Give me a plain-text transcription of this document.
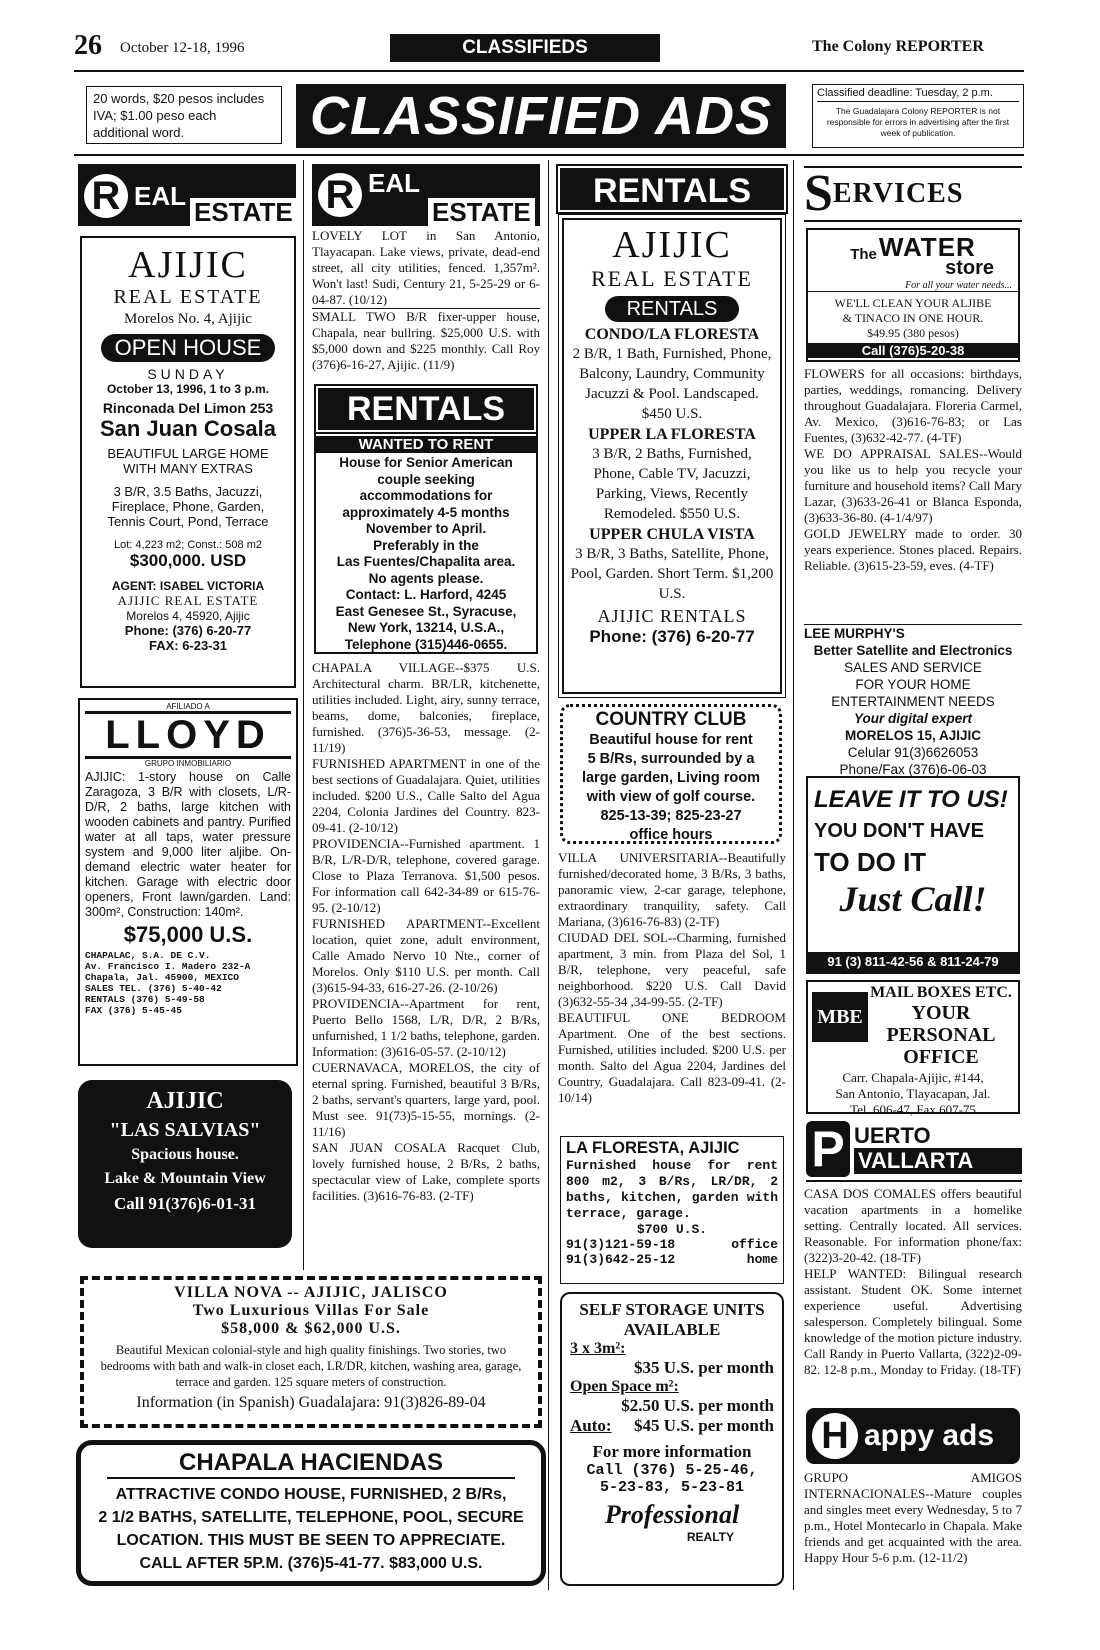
26 October 12-18, 1996	CLASSIFIEDS	The Colony REPORTER
20 words, $20 pesos includes IVA; $1.00 peso each additional word.	CLASSIFIED ADS	Classified deadline: Tuesday, 2 p.m.
The Guadalajara Colony REPORTER is not responsible for errors in advertising after the first week of publication.
R EAL
ESTATE
AJIJIC
REAL ESTATE
Morelos No. 4, Ajijic
OPEN HOUSE
SUNDAY
October 13, 1996, 1 to 3 p.m.
Rinconada Del Limon 253
San Juan Cosala
BEAUTIFUL LARGE HOME
WITH MANY EXTRAS
3 B/R, 3.5 Baths, Jacuzzi,
Fireplace, Phone, Garden,
Tennis Court, Pond, Terrace
Lot: 4,223 m2; Const.: 508 m2
$300,000. USD
AGENT: ISABEL VICTORIA
AJIJIC REAL ESTATE
Morelos 4, 45920, Ajijic
Phone: (376) 6-20-77
FAX: 6-23-31
AFILIADO A
LLOYD
GRUPO INMOBILIARIO
AJIJIC: 1-story house on Calle Zaragoza, 3 B/R with closets, L/R-D/R, 2 baths, large kitchen with wooden cabinets and pantry. Purified water at all taps, water pressure system and 9,000 liter aljibe. On-demand electric water heater for kitchen. Garage with electric door openers, Front lawn/garden. Land: 300m², Construction: 140m².
$75,000 U.S.
CHAPALAC, S.A. DE C.V.
Av. Francisco I. Madero 232-A
Chapala, Jal. 45900, MEXICO
SALES TEL. (376) 5-40-42
RENTALS (376) 5-49-58
FAX (376) 5-45-45
AJIJIC
"LAS SALVIAS"
Spacious house.
Lake & Mountain View
Call 91(376)6-01-31
R EAL
ESTATE

LOVELY LOT in San Antonio, Tlayacapan. Lake views, private, dead-end street, all city utilities, fenced. 1,357m². Won't last! Sudi, Century 21, 5-25-29 or 6-04-87. (10/12)

SMALL TWO B/R fixer-upper house, Chapala, near bullring. $25,000 U.S. with $5,000 down and $225 monthly. Call Roy (376)6-16-27, Ajijic. (11/9)

RENTALS
WANTED TO RENT
House for Senior American
couple seeking
accommodations for
approximately 4-5 months
November to April.
Preferably in the
Las Fuentes/Chapalita area.
No agents please.
Contact: L. Harford, 4245
East Genesee St., Syracuse,
New York, 13214, U.S.A.,
Telephone (315)446-0655.

CHAPALA VILLAGE--$375 U.S. Architectural charm. BR/LR, kitchenette, utilities included. Light, airy, sunny terrace, beams, dome, balconies, fireplace, furnished. (376)5-36-53, message. (2-11/19)

FURNISHED APARTMENT in one of the best sections of Guadalajara. Quiet, utilities included. $200 U.S., Calle Salto del Agua 2204, Colonia Jardines del Country. 823-09-41. (2-10/12)

PROVIDENCIA--Furnished apartment. 1 B/R, L/R-D/R, telephone, covered garage. Close to Plaza Terranova. $1,500 pesos. For information call 642-34-89 or 615-76-95. (2-10/12)

FURNISHED APARTMENT--Excellent location, quiet zone, adult environment, Calle Amado Nervo 10 Nte., corner of Morelos. Only $110 U.S. per month. Call (3)615-94-33, 616-27-26. (2-10/26)

PROVIDENCIA--Apartment for rent, Puerto Bello 1568, L/R, D/R, 2 B/Rs, unfurnished, 1 1/2 baths, telephone, garden. Information: (3)616-05-57. (2-10/12)

CUERNAVACA, MORELOS, the city of eternal spring. Furnished, beautiful 3 B/Rs, 2 baths, servant's quarters, large yard, pool. Must see. 91(73)5-15-55, mornings. (2-11/16)

SAN JUAN COSALA Racquet Club, lovely furnished house, 2 B/Rs, 2 baths, spectacular view of Lake, complete sports facilities. (3)616-76-83. (2-TF)

RENTALS
AJIJIC
REAL ESTATE
RENTALS
CONDO/LA FLORESTA
2 B/R, 1 Bath, Furnished, Phone, Balcony, Laundry, Community Jacuzzi & Pool. Landscaped. $450 U.S.
UPPER LA FLORESTA
3 B/R, 2 Baths, Furnished, Phone, Cable TV, Jacuzzi, Parking, Views, Recently Remodeled. $550 U.S.
UPPER CHULA VISTA
3 B/R, 3 Baths, Satellite, Phone, Pool, Garden. Short Term. $1,200 U.S.
AJIJIC RENTALS
Phone: (376) 6-20-77
COUNTRY CLUB
Beautiful house for rent
5 B/Rs, surrounded by a
large garden, Living room
with view of golf course.
825-13-39; 825-23-27
office hours

VILLA UNIVERSITARIA--Beautifully furnished/decorated home, 3 B/Rs, 3 baths, panoramic view, 2-car garage, telephone, extraordinary tranquility, safety. Call Mariana, (3)616-76-83) (2-TF)

CIUDAD DEL SOL--Charming, furnished apartment, 3 min. from Plaza del Sol, 1 B/R, telephone, very peaceful, safe neighborhood. $220 U.S. Call David (3)632-55-34 ,34-99-55. (2-TF)

BEAUTIFUL ONE BEDROOM Apartment. One of the best sections. Furnished, utilities included. $200 U.S. per month. Salto del Agua 2204, Jardines del Country, Guadalajara. Call 823-09-41. (2-10/14)

LA FLORESTA, AJIJIC
Furnished house for rent 800 m2, 3 B/Rs, LR/DR, 2 baths, kitchen, garden with terrace, garage.
$700 U.S.
91(3)121-59-18	office
91(3)642-25-12	home
SELF STORAGE UNITS
AVAILABLE
3 x 3m²:
$35 U.S. per month
Open Space m²:
$2.50 U.S. per month
Auto: $45 U.S. per month
For more information
Call (376) 5-25-46,
5-23-83, 5-23-81
Professional
REALTY
S ERVICES
The WATER
store
For all your water needs...
WE'LL CLEAN YOUR ALJIBE
& TINACO IN ONE HOUR.
$49.95 (380 pesos)
Call (376)5-20-38

FLOWERS for all occasions: birthdays, parties, weddings, romancing. Delivery throughout Guadalajara. Floreria Carmel, Av. Mexico, (3)616-76-83; or Las Fuentes, (3)632-42-77. (4-TF)

WE DO APPRAISAL SALES--Would you like us to help you recycle your furniture and household items? Call Mary Lazar, (3)633-26-41 or Blanca Esponda, (3)633-36-80. (4-1/4/97)

GOLD JEWELRY made to order. 30 years experience. Stones placed. Repairs. Reliable. (3)615-23-59, eves. (4-TF)

LEE MURPHY'S
Better Satellite and Electronics
SALES AND SERVICE
FOR YOUR HOME
ENTERTAINMENT NEEDS
Your digital expert
MORELOS 15, AJIJIC
Celular 91(3)6626053
Phone/Fax (376)6-06-03
LEAVE IT TO US!
YOU DON'T HAVE
TO DO IT
Just Call!
91 (3) 811-42-56 & 811-24-79
MBE
MAIL BOXES ETC.
YOUR
PERSONAL
OFFICE
Carr. Chapala-Ajijic, #144,
San Antonio, Tlayacapan, Jal.
Tel. 606-47, Fax 607-75
P UERTO
VALLARTA

CASA DOS COMALES offers beautiful vacation apartments in a homelike setting. Centrally located. All services. Reasonable. For information phone/fax: (322)3-20-42. (18-TF)

HELP WANTED: Bilingual research assistant. Student OK. Some internet experience useful. Advertising salesperson. Completely bilingual. Some knowledge of the motion picture industry. Call Randy in Puerto Vallarta, (322)2-09-82. 12-8 p.m., Monday to Friday. (18-TF)

H appy ads

GRUPO AMIGOS INTERNACIONALES--Mature couples and singles meet every Wednesday, 5 to 7 p.m., Hotel Montecarlo in Chapala. Make friends and get acquainted with the area. Happy Hour 5-6 p.m. (12-11/2)

VILLA NOVA -- AJIJIC, JALISCO
Two Luxurious Villas For Sale
$58,000 & $62,000 U.S.
Beautiful Mexican colonial-style and high quality finishings. Two stories, two bedrooms with bath and walk-in closet each, LR/DR, kitchen, washing area, garage, terrace and garden. 125 square meters of construction.
Information (in Spanish) Guadalajara: 91(3)826-89-04
CHAPALA HACIENDAS
ATTRACTIVE CONDO HOUSE, FURNISHED, 2 B/Rs,
2 1/2 BATHS, SATELLITE, TELEPHONE, POOL, SECURE
LOCATION. THIS MUST BE SEEN TO APPRECIATE.
CALL AFTER 5P.M. (376)5-41-77. $83,000 U.S.
